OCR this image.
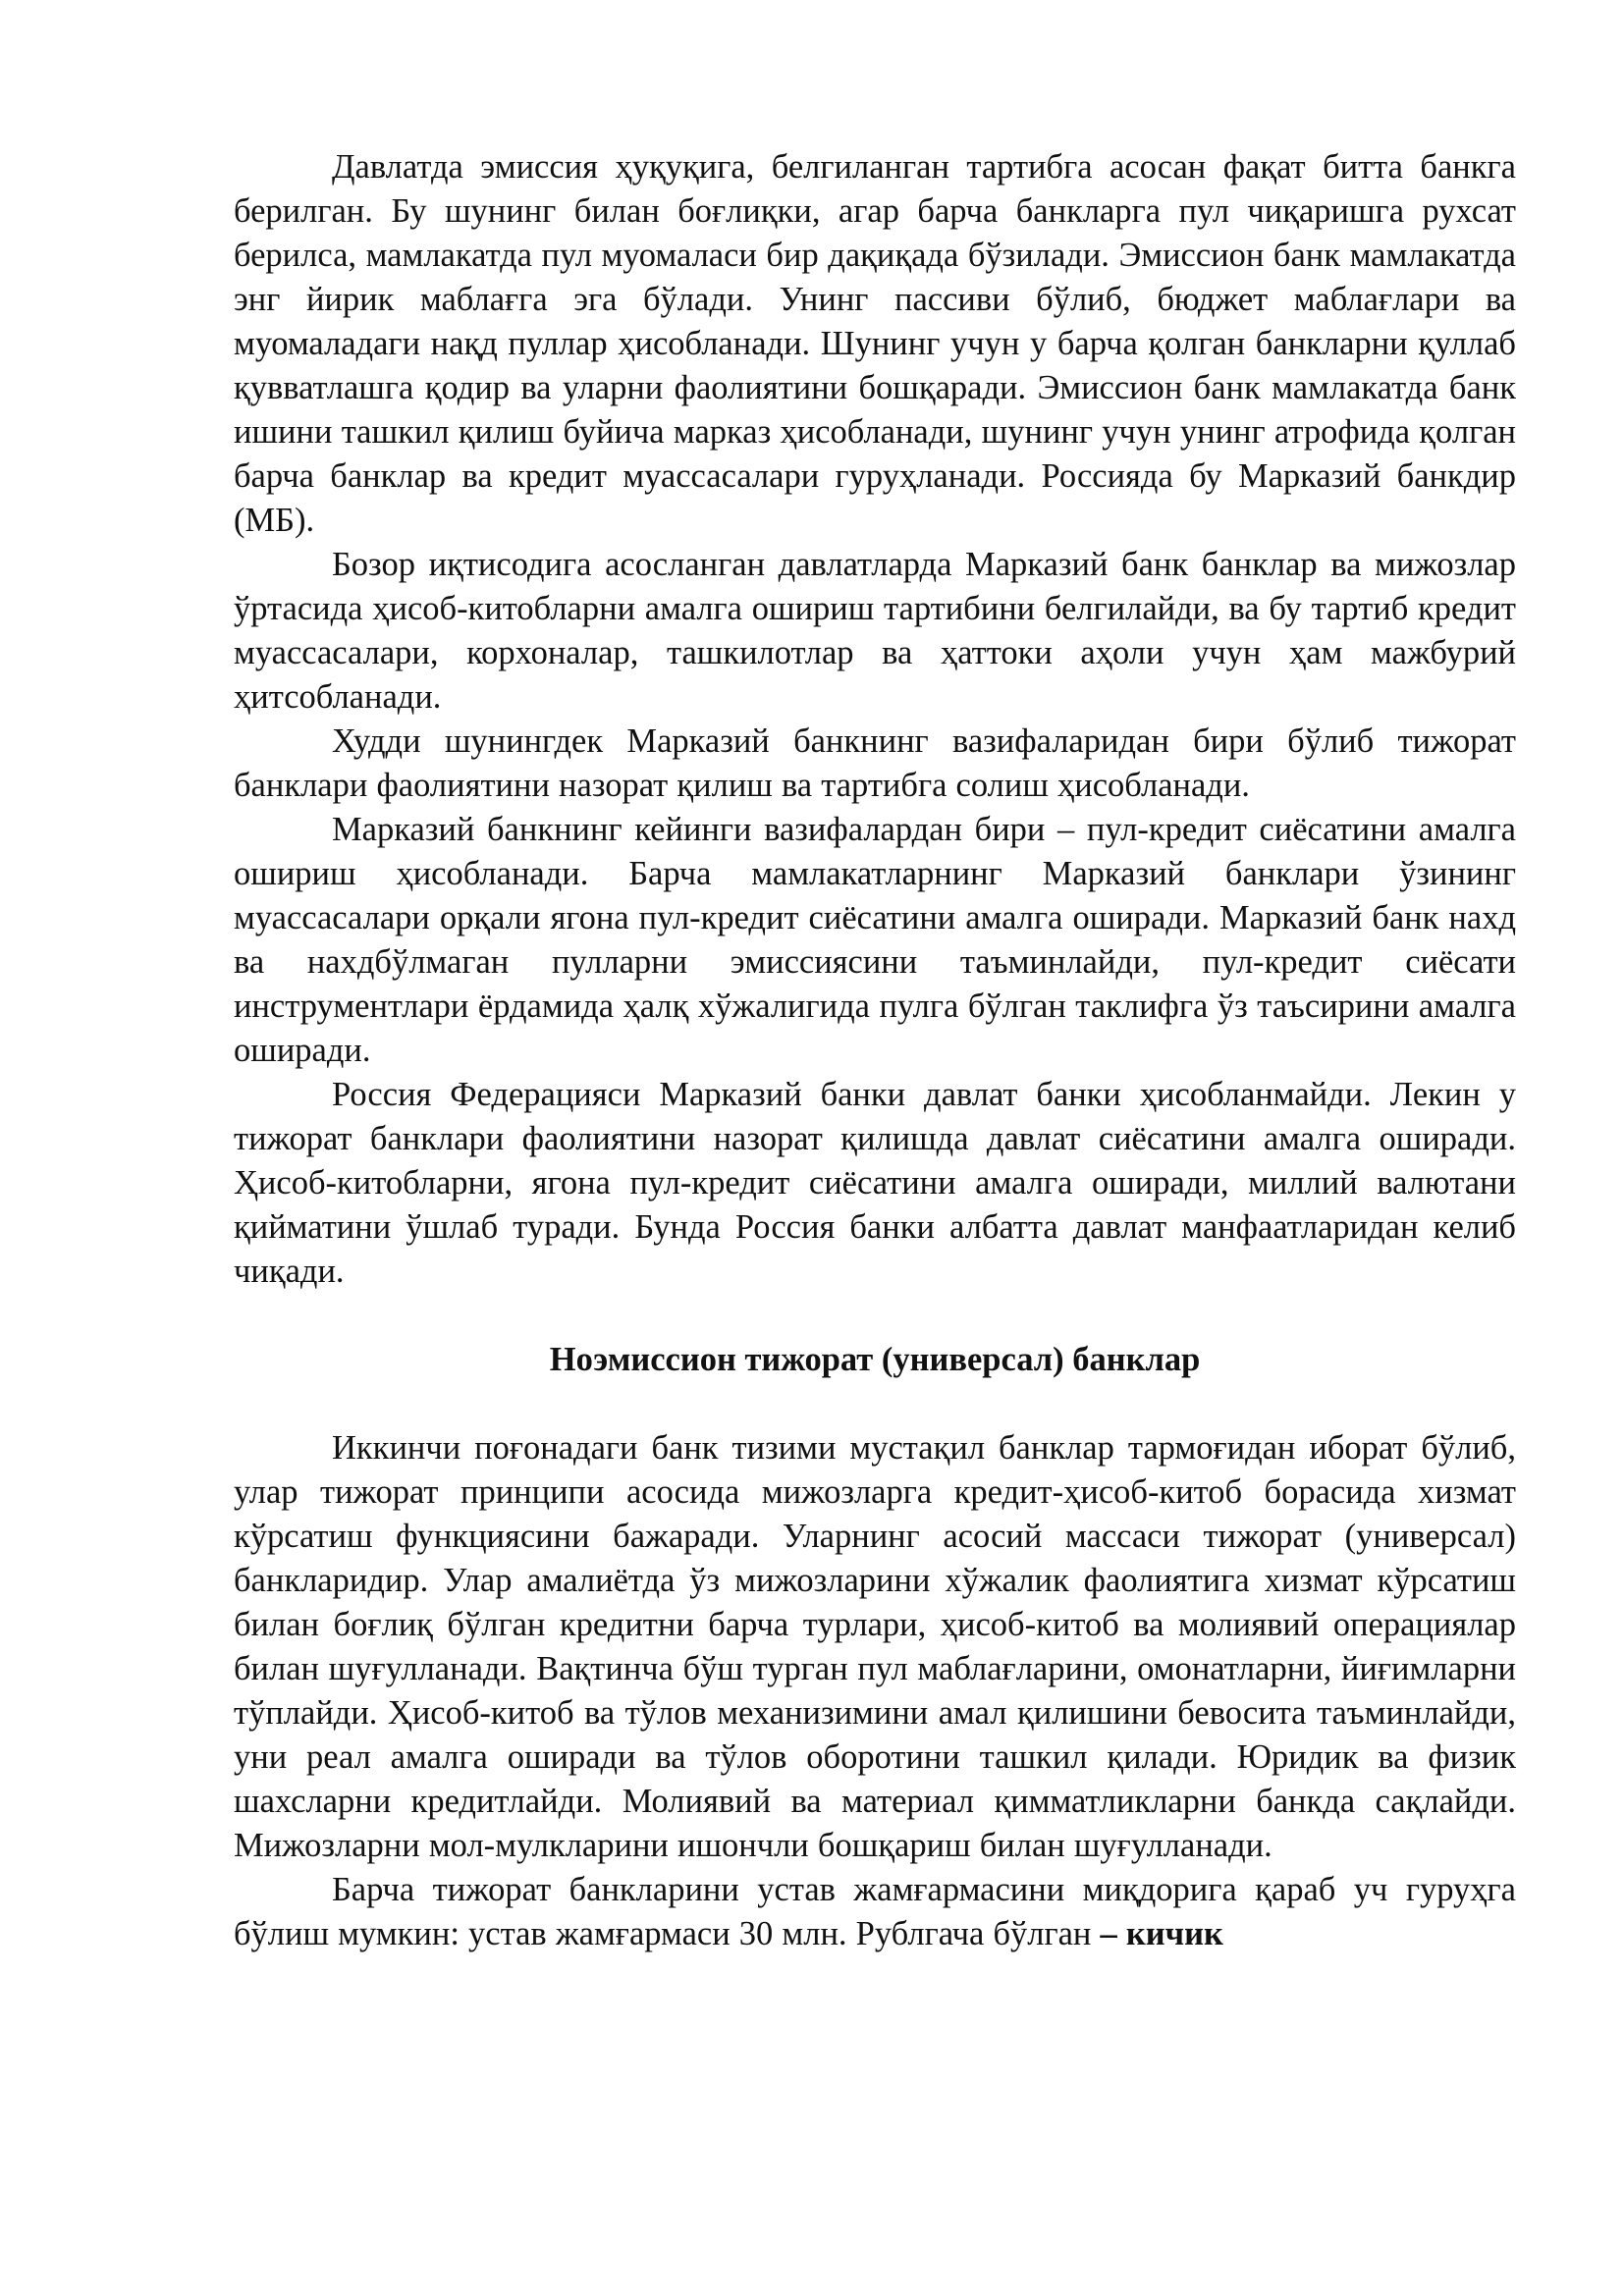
Давлатда эмиссия ҳуқуқига, белгиланган тартибга асосан фақат битта банкга берилган. Бу шунинг билан боғлиқки, агар барча банкларга пул чиқаришга рухсат берилса, мамлакатда пул муомаласи бир дақиқада бўзилади. Эмиссион банк мамлакатда энг йирик маблағга эга бўлади. Унинг пассиви бўлиб, бюджет маблағлари ва муомаладаги нақд пуллар ҳисобланади. Шунинг учун у барча қолган банкларни қуллаб қувватлашга қодир ва уларни фаолиятини бошқаради. Эмиссион банк мамлакатда банк ишини ташкил қилиш буйича марказ ҳисобланади, шунинг учун унинг атрофида қолган барча банклар ва кредит муассасалари гуруҳланади. Россияда бу Марказий банкдир (МБ).

Бозор иқтисодига асосланган давлатларда Марказий банк банклар ва мижозлар ўртасида ҳисоб-китобларни амалга ошириш тартибини белгилайди, ва бу тартиб кредит муассасалари, корхоналар, ташкилотлар ва ҳаттоки аҳоли учун ҳам мажбурий ҳитсобланади.

Худди шунингдек Марказий банкнинг вазифаларидан бири бўлиб тижорат банклари фаолиятини назорат қилиш ва тартибга солиш ҳисобланади.

Марказий банкнинг кейинги вазифалардан бири – пул-кредит сиёсатини амалга ошириш ҳисобланади. Барча мамлакатларнинг Марказий банклари ўзининг муассасалари орқали ягона пул-кредит сиёсатини амалга оширади. Марказий банк нахд ва нахдбўлмаган пулларни эмиссиясини таъминлайди, пул-кредит сиёсати инструментлари ёрдамида ҳалқ хўжалигида пулга бўлган таклифга ўз таъсирини амалга оширади.

Россия Федерацияси Марказий банки давлат банки ҳисобланмайди. Лекин у тижорат банклари фаолиятини назорат қилишда давлат сиёсатини амалга оширади. Ҳисоб-китобларни, ягона пул-кредит сиёсатини амалга оширади, миллий валютани қийматини ўшлаб туради. Бунда Россия банки албатта давлат манфаатларидан келиб чиқади.

Ноэмиссион тижорат (универсал) банклар

Иккинчи поғонадаги банк тизими мустақил банклар тармоғидан иборат бўлиб, улар тижорат принципи асосида мижозларга кредит-ҳисоб-китоб борасида хизмат кўрсатиш функциясини бажаради. Уларнинг асосий массаси тижорат (универсал) банкларидир. Улар амалиётда ўз мижозларини хўжалик фаолиятига хизмат кўрсатиш билан боғлиқ бўлган кредитни барча турлари, ҳисоб-китоб ва молиявий операциялар билан шуғулланади. Вақтинча бўш турган пул маблағларини, омонатларни, йиғимларни тўплайди. Ҳисоб-китоб ва тўлов механизимини амал қилишини бевосита таъминлайди, уни реал амалга оширади ва тўлов оборотини ташкил қилади. Юридик ва физик шахсларни кредитлайди. Молиявий ва материал қимматликларни банкда сақлайди. Мижозларни мол-мулкларини ишончли бошқариш билан шуғулланади.

Барча тижорат банкларини устав жамғармасини миқдорига қараб уч гуруҳга бўлиш мумкин: устав жамғармаси 30 млн. Рублгача бўлган – кичик
